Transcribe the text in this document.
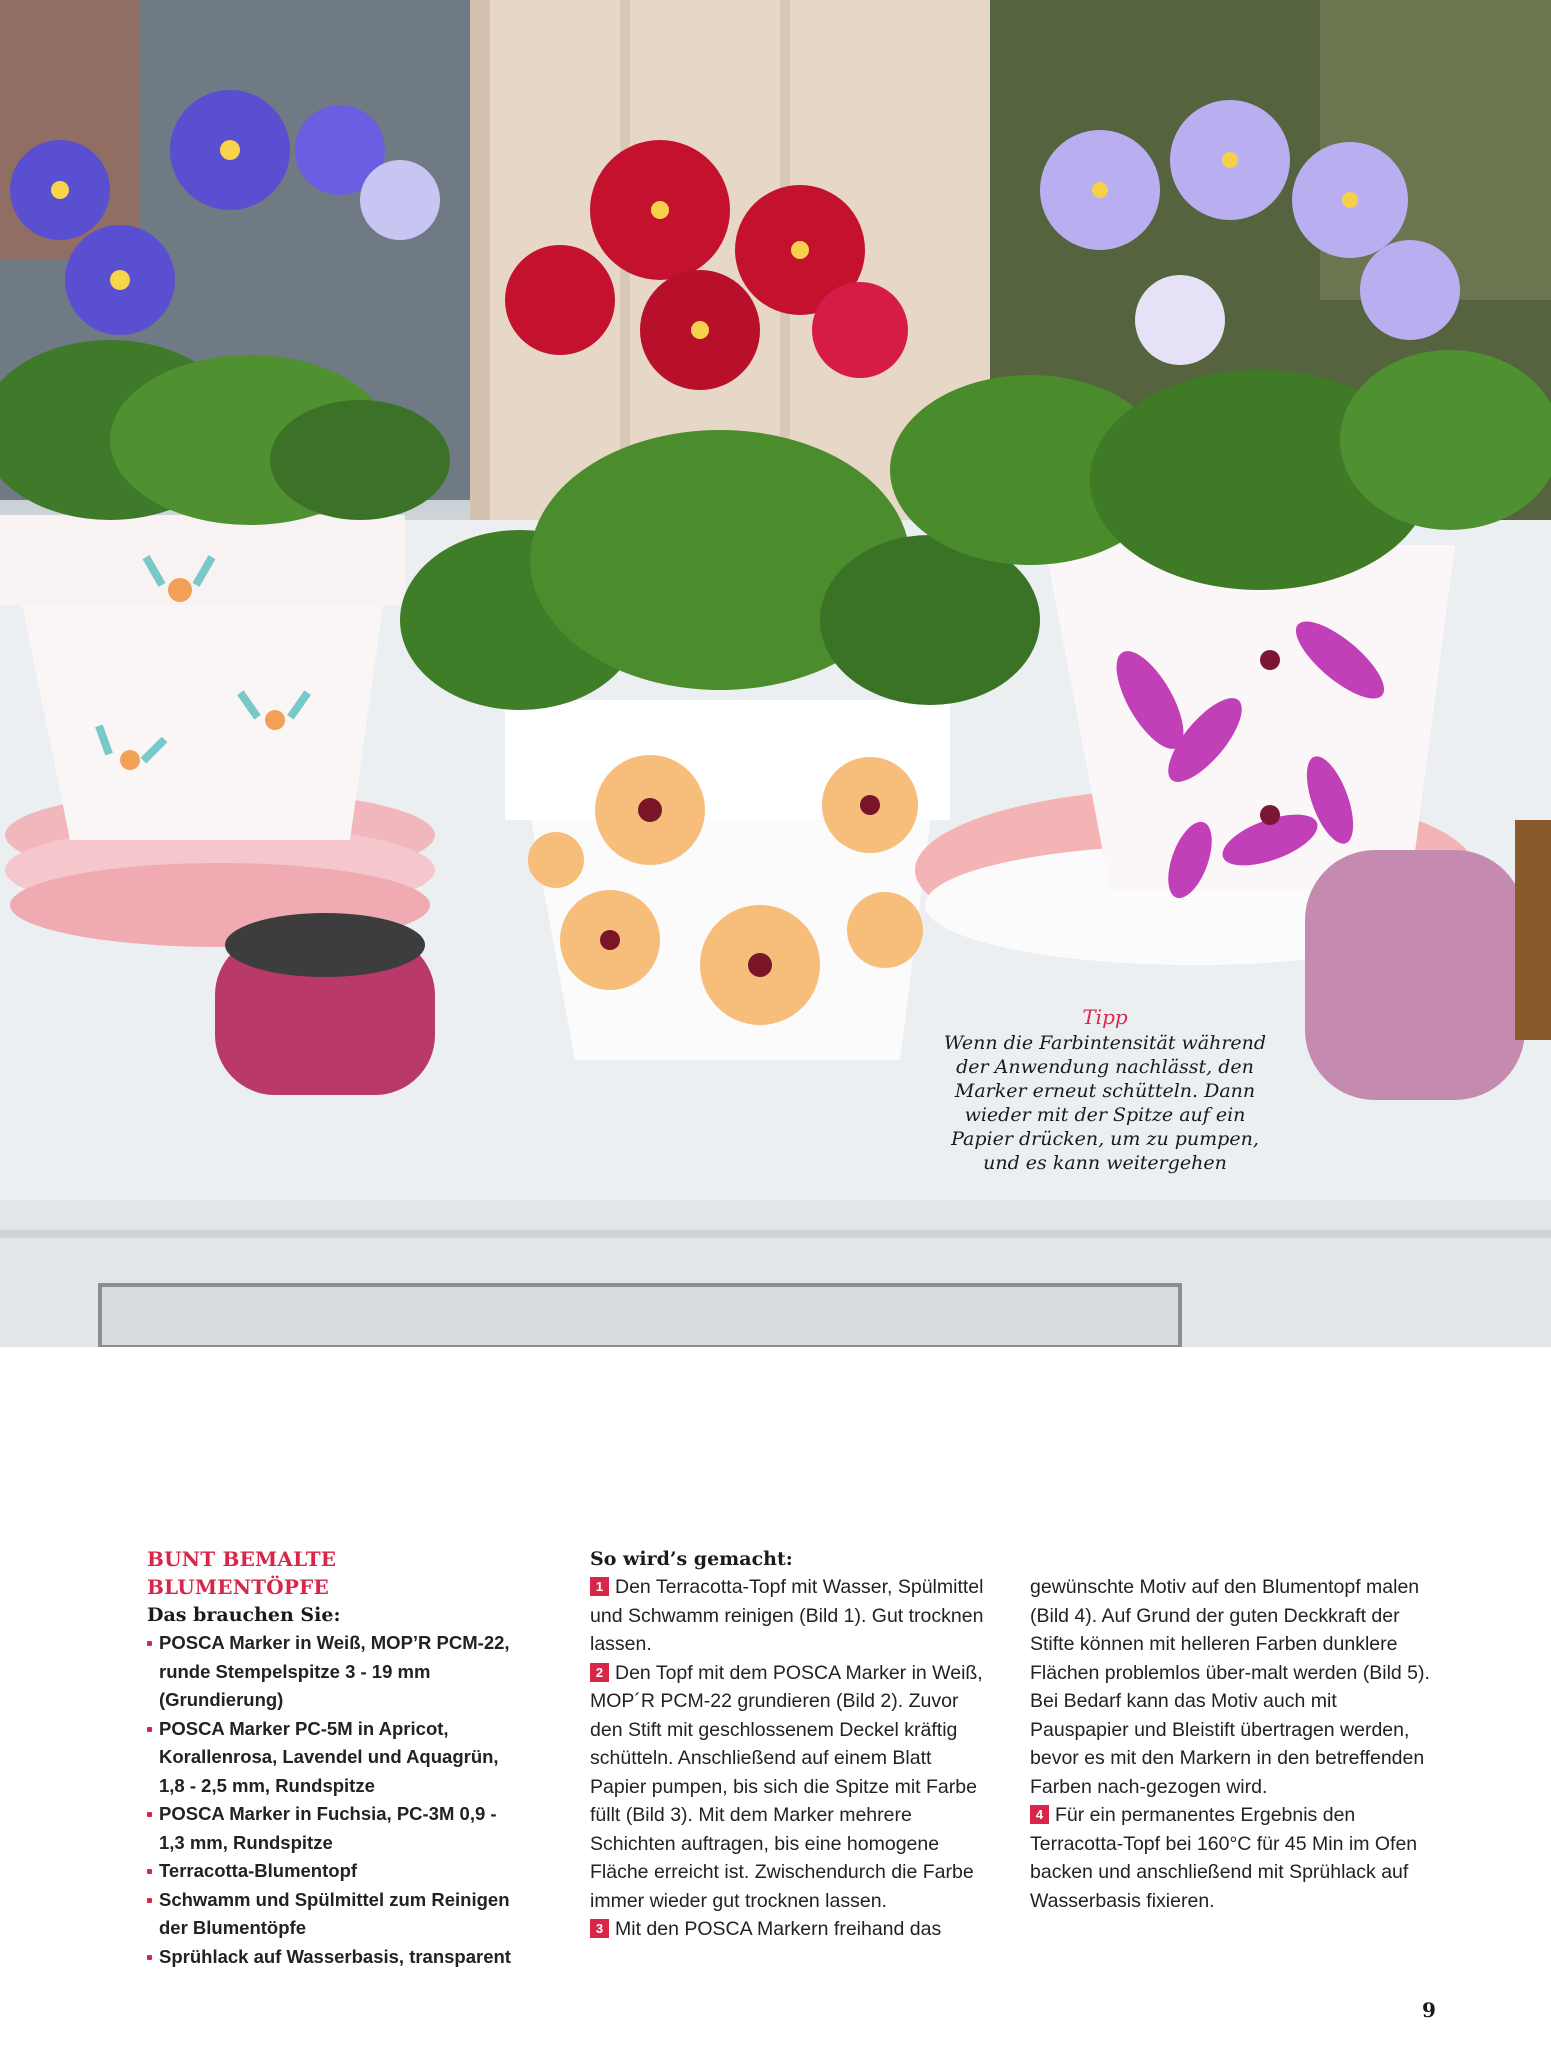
Tipp
Wenn die Farbintensität während
der Anwendung nachlässt, den
Marker erneut schütteln. Dann
wieder mit der Spitze auf ein
Papier drücken, um zu pumpen,
und es kann weitergehen
BUNT BEMALTE BLUMENTÖPFE
Das brauchen Sie:
POSCA Marker in Weiß, MOP’R PCM-22, runde Stempelspitze 3 - 19 mm (Grundierung)
POSCA Marker PC-5M in Apricot, Korallenrosa, Lavendel und Aquagrün, 1,8 - 2,5 mm, Rundspitze
POSCA Marker in Fuchsia, PC-3M 0,9 - 1,3 mm, Rundspitze
Terracotta-Blumentopf
Schwamm und Spülmittel zum Reinigen der Blumentöpfe
Sprühlack auf Wasserbasis, transparent
So wird’s gemacht:

1 Den Terracotta-Topf mit Wasser, Spülmittel und Schwamm reinigen (Bild 1). Gut trocknen lassen.

2 Den Topf mit dem POSCA Marker in Weiß, MOP´R PCM-22 grundieren (Bild 2). Zuvor den Stift mit geschlossenem Deckel kräftig schütteln. Anschließend auf einem Blatt Papier pumpen, bis sich die Spitze mit Farbe füllt (Bild 3). Mit dem Marker mehrere Schichten auftragen, bis eine homogene Fläche erreicht ist. Zwischendurch die Farbe immer wieder gut trocknen lassen.

3 Mit den POSCA Markern freihand das

gewünschte Motiv auf den Blumentopf malen (Bild 4). Auf Grund der guten Deckkraft der Stifte können mit helleren Farben dunklere Flächen problemlos über-malt werden (Bild 5). Bei Bedarf kann das Motiv auch mit Pauspapier und Bleistift übertragen werden, bevor es mit den Markern in den betreffenden Farben nach-gezogen wird.

4 Für ein permanentes Ergebnis den Terracotta-Topf bei 160°C für 45 Min im Ofen backen und anschließend mit Sprühlack auf Wasserbasis fixieren.

9
